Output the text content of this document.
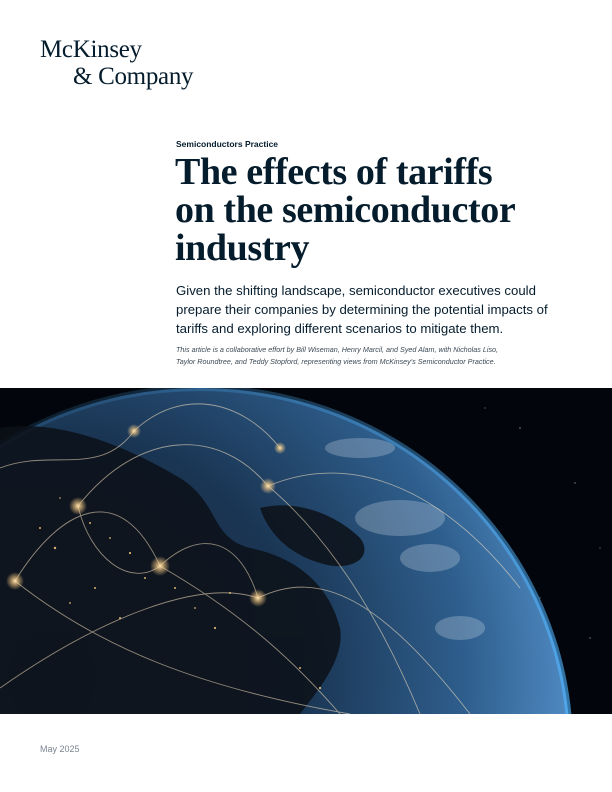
McKinsey
& Company
Semiconductors Practice
The effects of tariffs
on the semiconductor
industry

Given the shifting landscape, semiconductor executives could
prepare their companies by determining the potential impacts of
tariffs and exploring different scenarios to mitigate them.

This article is a collaborative effort by Bill Wiseman, Henry Marcil, and Syed Alam, with Nicholas Liso,
Taylor Roundtree, and Teddy Stopford, representing views from McKinsey's Semiconductor Practice.

May 2025
